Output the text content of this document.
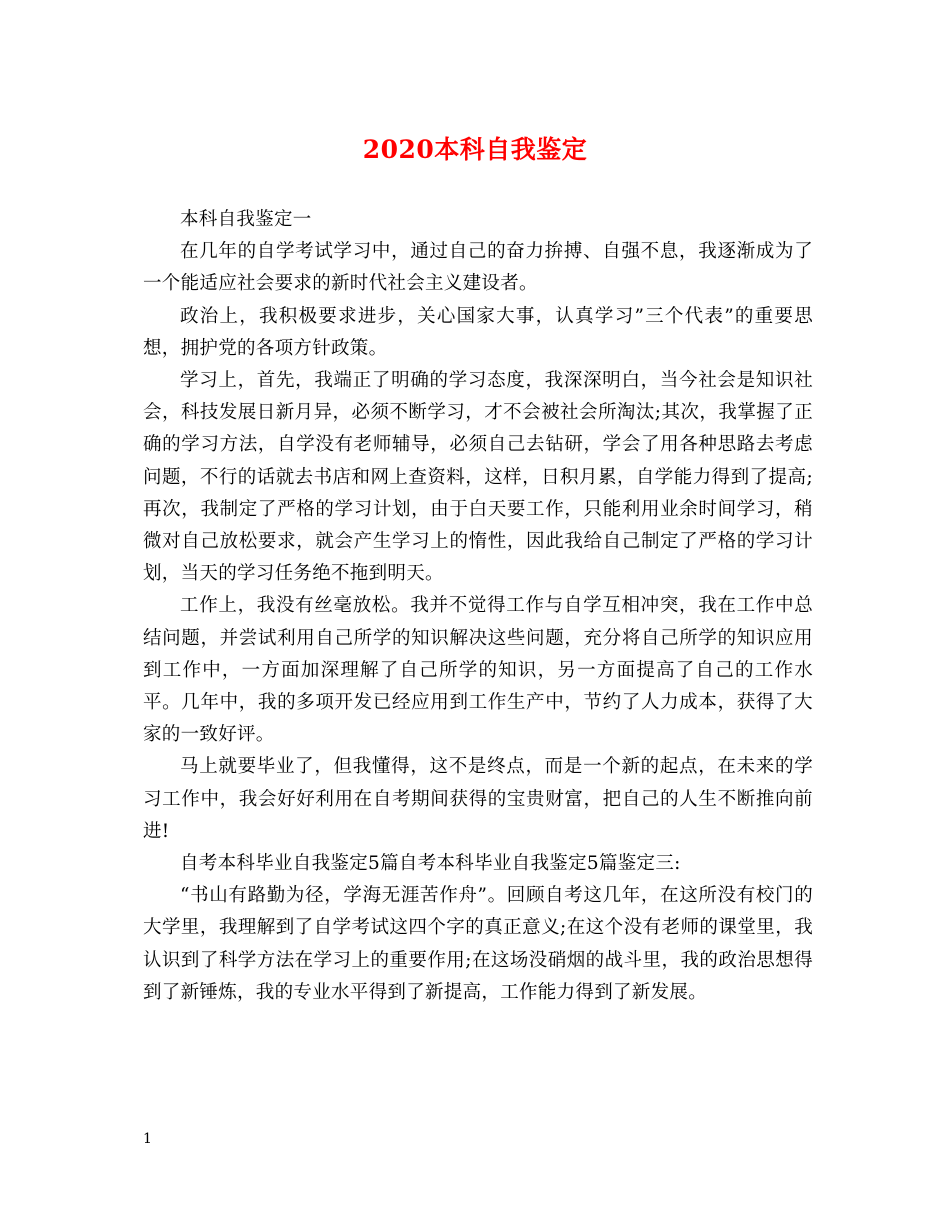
2020本科自我鉴定

本科自我鉴定一

在几年的自学考试学习中，通过自己的奋力拚搏、自强不息，我逐渐成为了一个能适应社会要求的新时代社会主义建设者。

政治上，我积极要求进步，关心国家大事，认真学习”三个代表”的重要思想，拥护党的各项方针政策。

学习上，首先，我端正了明确的学习态度，我深深明白，当今社会是知识社会，科技发展日新月异，必须不断学习，才不会被社会所淘汰;其次，我掌握了正确的学习方法，自学没有老师辅导，必须自己去钻研，学会了用各种思路去考虑问题，不行的话就去书店和网上查资料，这样，日积月累，自学能力得到了提高;再次，我制定了严格的学习计划，由于白天要工作，只能利用业余时间学习，稍微对自己放松要求，就会产生学习上的惰性，因此我给自己制定了严格的学习计划，当天的学习任务绝不拖到明天。

工作上，我没有丝毫放松。我并不觉得工作与自学互相冲突，我在工作中总结问题，并尝试利用自己所学的知识解决这些问题，充分将自己所学的知识应用到工作中，一方面加深理解了自己所学的知识，另一方面提高了自己的工作水平。几年中，我的多项开发已经应用到工作生产中，节约了人力成本，获得了大家的一致好评。

马上就要毕业了，但我懂得，这不是终点，而是一个新的起点，在未来的学习工作中，我会好好利用在自考期间获得的宝贵财富，把自己的人生不断推向前进!

自考本科毕业自我鉴定5篇自考本科毕业自我鉴定5篇鉴定三:

“书山有路勤为径，学海无涯苦作舟”。回顾自考这几年，在这所没有校门的大学里，我理解到了自学考试这四个字的真正意义;在这个没有老师的课堂里，我认识到了科学方法在学习上的重要作用;在这场没硝烟的战斗里，我的政治思想得到了新锤炼，我的专业水平得到了新提高，工作能力得到了新发展。

1
